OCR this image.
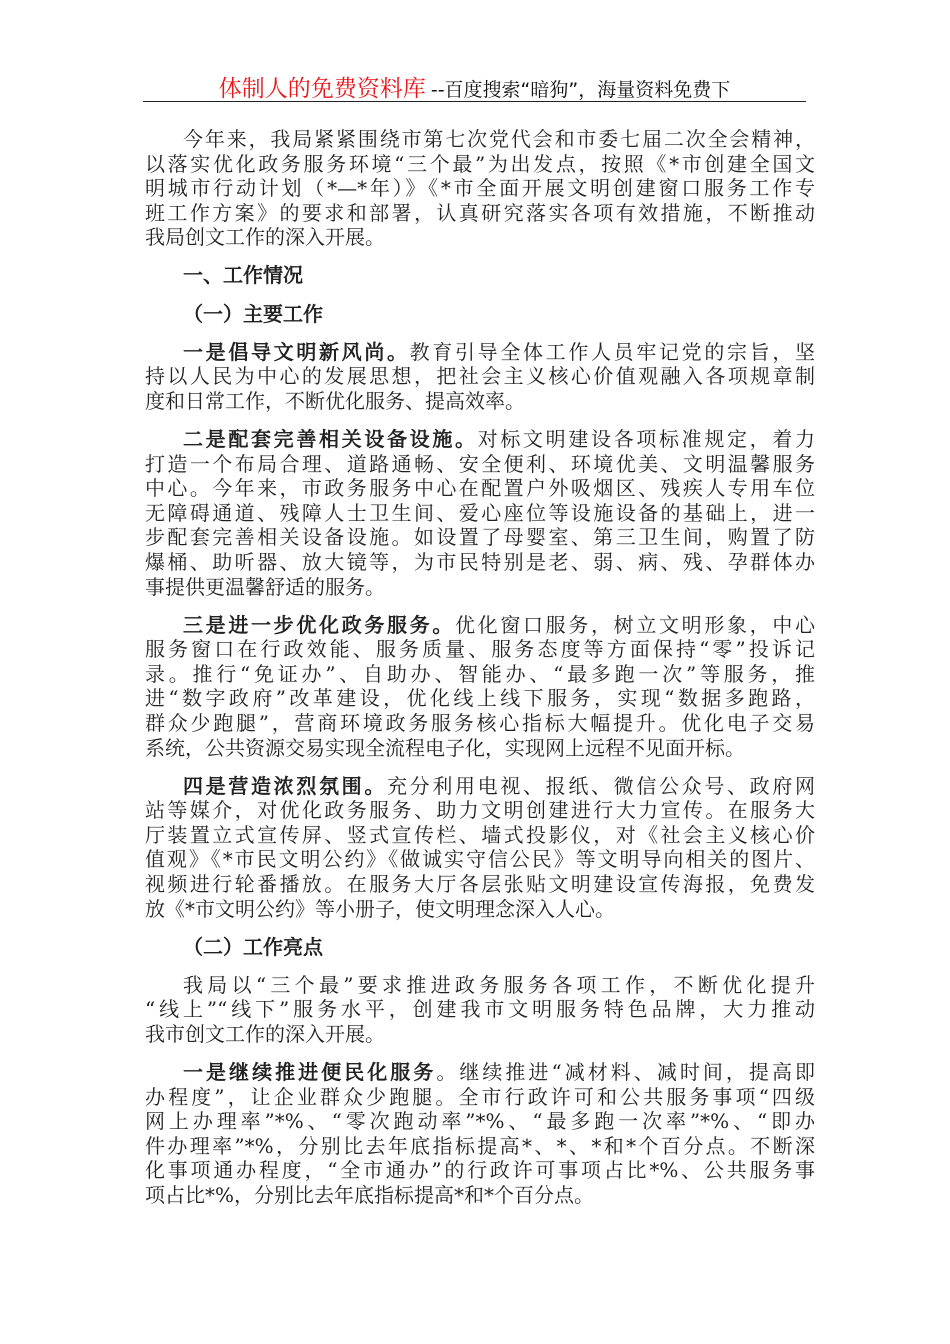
体制人的免费资料库 --百度搜索“暗狗”，海量资料免费下
今年来，我局紧紧围绕市第七次党代会和市委七届二次全会精神，
以落实优化政务服务环境“三个最”为出发点，按照《*市创建全国文
明城市行动计划（*—*年）》《*市全面开展文明创建窗口服务工作专
班工作方案》的要求和部署，认真研究落实各项有效措施，不断推动
我局创文工作的深入开展。
一、工作情况
（一）主要工作
一是倡导文明新风尚。教育引导全体工作人员牢记党的宗旨，坚
持以人民为中心的发展思想，把社会主义核心价值观融入各项规章制
度和日常工作，不断优化服务、提高效率。
二是配套完善相关设备设施。对标文明建设各项标准规定，着力
打造一个布局合理、道路通畅、安全便利、环境优美、文明温馨服务
中心。今年来，市政务服务中心在配置户外吸烟区、残疾人专用车位
无障碍通道、残障人士卫生间、爱心座位等设施设备的基础上，进一
步配套完善相关设备设施。如设置了母婴室、第三卫生间，购置了防
爆桶、助听器、放大镜等，为市民特别是老、弱、病、残、孕群体办
事提供更温馨舒适的服务。
三是进一步优化政务服务。优化窗口服务，树立文明形象，中心
服务窗口在行政效能、服务质量、服务态度等方面保持“零”投诉记
录。推行“免证办”、自助办、智能办、“最多跑一次”等服务，推
进“数字政府”改革建设，优化线上线下服务，实现“数据多跑路，
群众少跑腿”，营商环境政务服务核心指标大幅提升。优化电子交易
系统，公共资源交易实现全流程电子化，实现网上远程不见面开标。
四是营造浓烈氛围。充分利用电视、报纸、微信公众号、政府网
站等媒介，对优化政务服务、助力文明创建进行大力宣传。在服务大
厅装置立式宣传屏、竖式宣传栏、墙式投影仪，对《社会主义核心价
值观》《*市民文明公约》《做诚实守信公民》等文明导向相关的图片、
视频进行轮番播放。在服务大厅各层张贴文明建设宣传海报，免费发
放《*市文明公约》等小册子，使文明理念深入人心。
（二）工作亮点
我局以“三个最”要求推进政务服务各项工作，不断优化提升
“线上”“线下”服务水平，创建我市文明服务特色品牌，大力推动
我市创文工作的深入开展。
一是继续推进便民化服务。继续推进“减材料、减时间，提高即
办程度”，让企业群众少跑腿。全市行政许可和公共服务事项“四级
网上办理率”*%、“零次跑动率”*%、“最多跑一次率”*%、“即办
件办理率”*%，分别比去年底指标提高*、*、*和*个百分点。不断深
化事项通办程度，“全市通办”的行政许可事项占比*%、公共服务事
项占比*%，分别比去年底指标提高*和*个百分点。
